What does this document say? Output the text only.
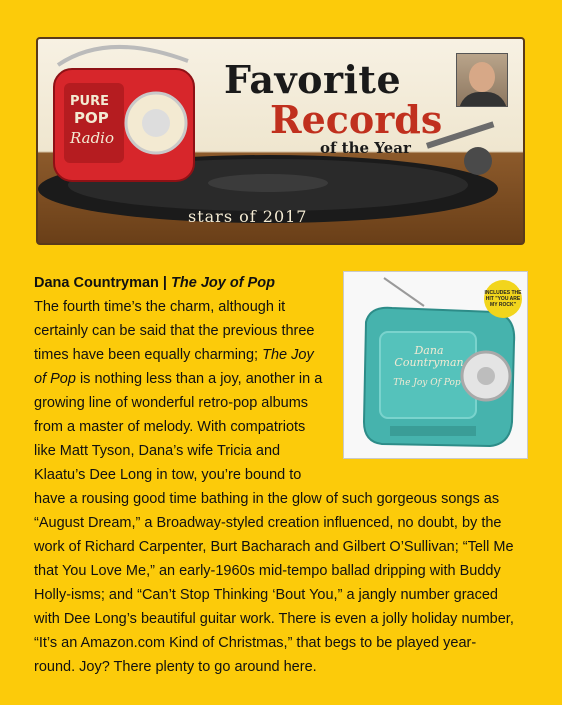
PURE
POP
Radio
Favorite
Records
of the Year
stars of 2017
Dana Countryman
The Joy Of Pop
INCLUDES THE HIT "YOU ARE MY ROCK"
Dana Countryman | The Joy of Pop
The fourth time’s the charm, although it certainly can be said that the previous three times have been equally charming; The Joy of Pop is nothing less than a joy, another in a growing line of wonderful retro-pop albums from a master of melody. With compatriots like Matt Tyson, Dana’s wife Tricia and Klaatu’s Dee Long in tow, you’re bound to have a rousing good time bathing in the glow of such gorgeous songs as “August Dream,” a Broadway-styled creation influenced, no doubt, by the work of Richard Carpenter, Burt Bacharach and Gilbert O’Sullivan; “Tell Me that You Love Me,” an early-1960s mid-tempo ballad dripping with Buddy Holly-isms; and “Can’t Stop Thinking ‘Bout You,” a jangly number graced with Dee Long’s beautiful guitar work. There is even a jolly holiday number, “It’s an Amazon.com Kind of Christmas,” that begs to be played year-round. Joy? There plenty to go around here.
